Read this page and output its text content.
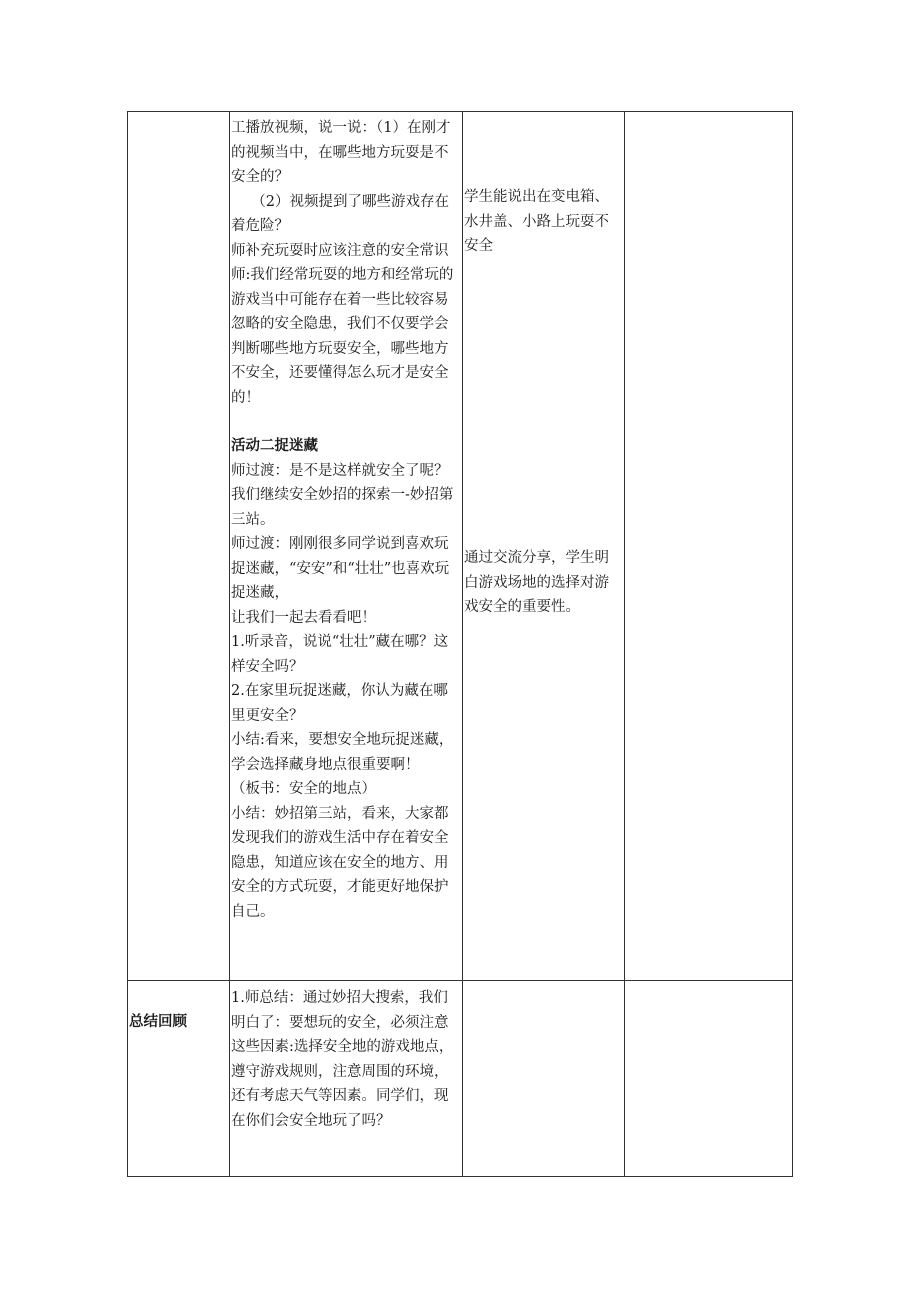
工播放视频，说一说：（1）在刚才的视频当中，在哪些地方玩耍是不安全的？

（2）视频提到了哪些游戏存在着危险？

师补充玩耍时应该注意的安全常识

师:我们经常玩耍的地方和经常玩的游戏当中可能存在着一些比较容易忽略的安全隐患，我们不仅要学会判断哪些地方玩耍安全，哪些地方不安全，还要懂得怎么玩才是安全的！

活动二捉迷藏

师过渡：是不是这样就安全了呢？我们继续安全妙招的探索一-妙招第三站。

师过渡：刚刚很多同学说到喜欢玩捉迷藏，“安安”和“壮壮”也喜欢玩捉迷藏，

让我们一起去看看吧！

1.听录音，说说“壮壮”藏在哪？这样安全吗？

2.在家里玩捉迷藏，你认为藏在哪里更安全？

小结:看来，要想安全地玩捉迷藏，学会选择藏身地点很重要啊！

（板书：安全的地点）

小结：妙招第三站，看来，大家都发现我们的游戏生活中存在着安全隐患，知道应该在安全的地方、用安全的方式玩耍，才能更好地保护自己。

学生能说出在变电箱、水井盖、小路上玩耍不安全

通过交流分享，学生明白游戏场地的选择对游戏安全的重要性。

总结回顾

1.师总结：通过妙招大搜索，我们明白了：要想玩的安全，必须注意这些因素:选择安全地的游戏地点，遵守游戏规则，注意周围的环境，还有考虑天气等因素。同学们，现在你们会安全地玩了吗？
